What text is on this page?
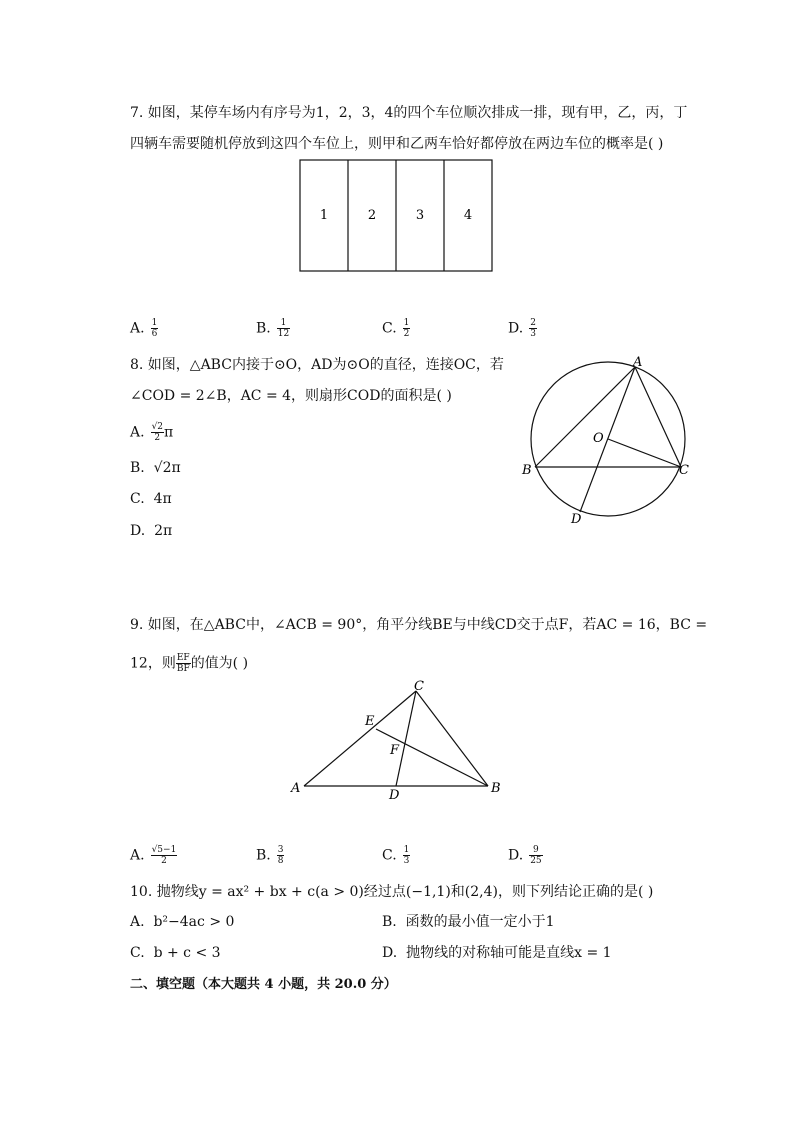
7. 如图，某停车场内有序号为1，2，3，4的四个车位顺次排成一排，现有甲，乙，丙，丁
四辆车需要随机停放到这四个车位上，则甲和乙两车恰好都停放在两边车位的概率是( )
1	2	3	4
A. $\frac{1}{6}$	B. $\frac{1}{12}$	C. $\frac{1}{2}$	D. $\frac{2}{3}$
8. 如图，△ABC内接于⊙O，AD为⊙O的直径，连接OC，若
∠COD = 2∠B，AC = 4，则扇形COD的面积是( )
A. $\frac{√2}{2}$ π
B. √2π
C. 4π
D. 2π
A
B	C
D
O
9. 如图，在△ABC中，∠ACB = 90°，角平分线BE与中线CD交于点F，若AC = 16，BC =
12，则 $\frac{EF}{BF}$ 的值为( )
C
E
F
A	D	B
A. $\frac{√5-1}{2}$	B. $\frac{3}{8}$	C. $\frac{1}{3}$	D. $\frac{9}{25}$
10. 抛物线y = ax² + bx + c(a > 0)经过点(−1,1)和(2,4)，则下列结论正确的是( )
A. b²−4ac > 0	B. 函数的最小值一定小于1
C. b + c < 3	D. 抛物线的对称轴可能是直线x = 1
二、填空题（本大题共 4 小题，共 20.0 分）
